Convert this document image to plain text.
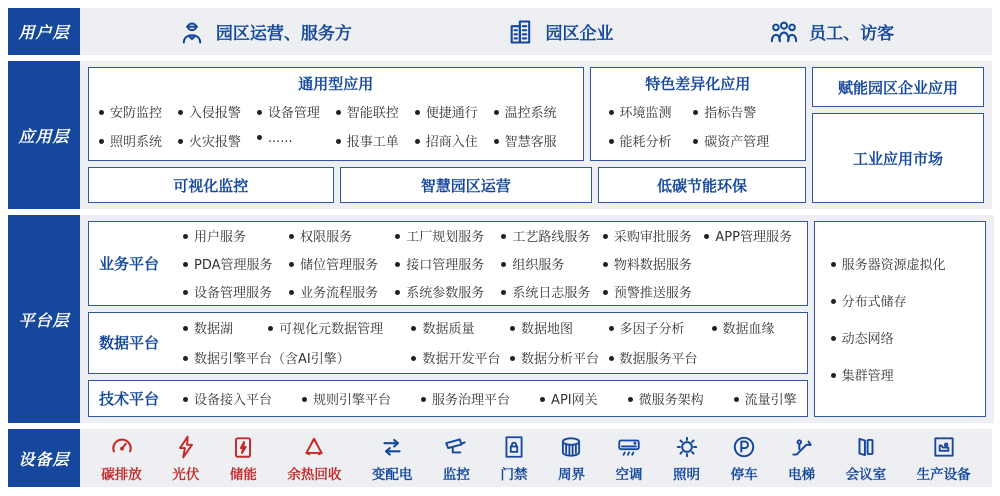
用户层	园区运营、服务方	园区企业	员工、访客
应用层
通用型应用
安防监控	入侵报警	设备管理	智能联控	便捷通行	温控系统
照明系统	火灾报警	......	报事工单	招商入住	智慧客服
特色差异化应用
环境监测	指标告警
能耗分析	碳资产管理
可视化监控	智慧园区运营	低碳节能环保
赋能园区企业应用
工业应用市场
平台层
业务平台
用户服务	权限服务	工厂规划服务	工艺路线服务	采购审批服务	APP管理服务
PDA管理服务	储位管理服务	接口管理服务	组织服务	物料数据服务
设备管理服务	业务流程服务	系统参数服务	系统日志服务	预警推送服务
数据平台
数据湖	可视化元数据管理	数据质量	数据地图	多因子分析	数据血缘
数据引擎平台（含AI引擎）	数据开发平台	数据分析平台	数据服务平台
技术平台	设备接入平台	规则引擎平台	服务治理平台	API网关	微服务架构	流量引擎
服务器资源虚拟化
分布式储存
动态网络
集群管理
设备层
碳排放 光伏 储能 余热回收 变配电 监控 门禁 周界 空调 照明 停车 电梯 会议室 生产设备
